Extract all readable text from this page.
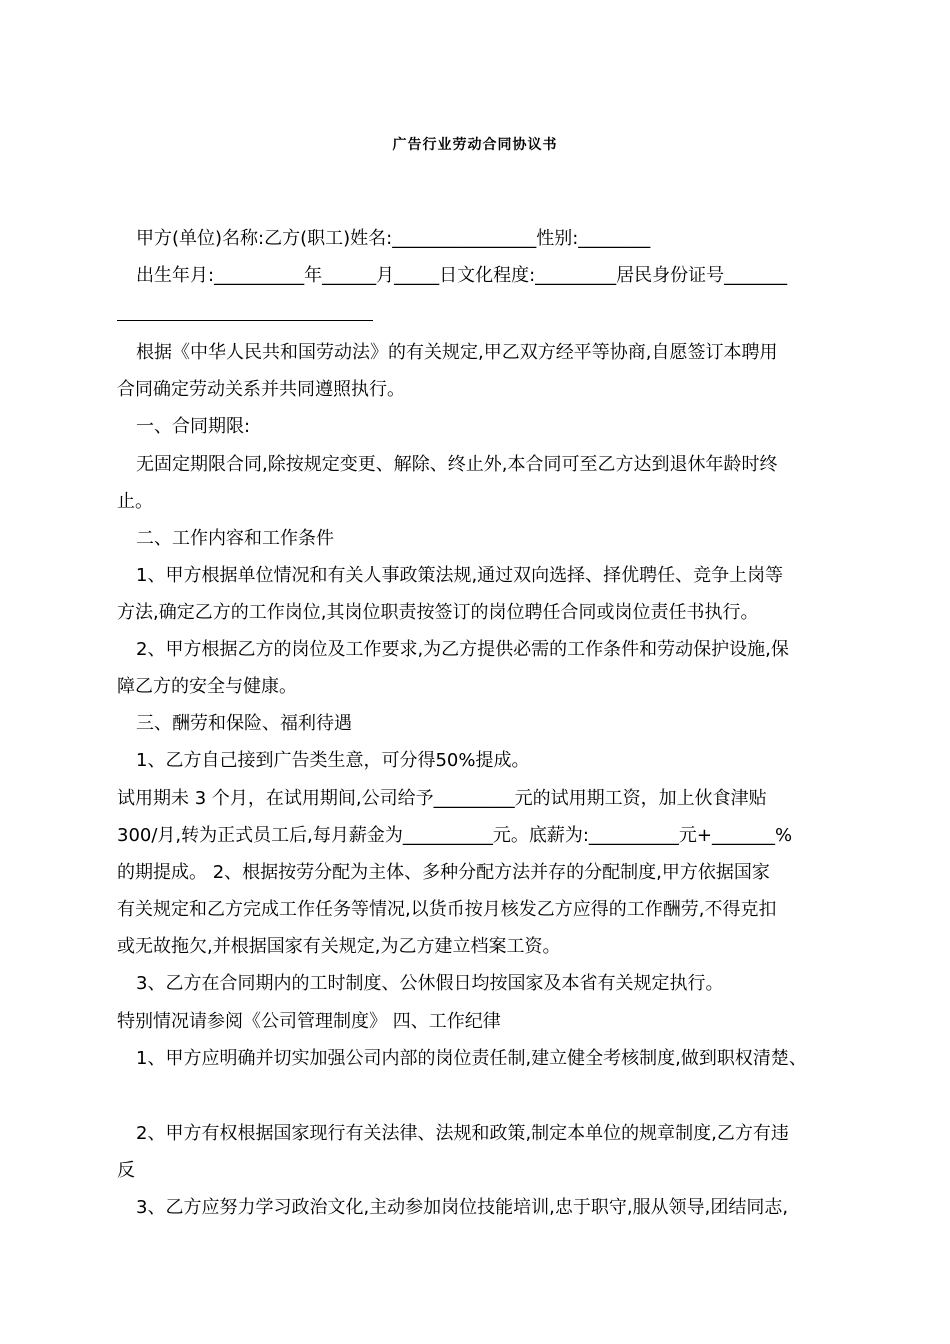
广告行业劳动合同协议书
甲方(单位)名称:乙方(职工)姓名:________________性别:________
出生年月:__________年______月_____日文化程度:_________居民身份证号_______
根据《中华人民共和国劳动法》的有关规定,甲乙双方经平等协商,自愿签订本聘用
合同确定劳动关系并共同遵照执行。
一、合同期限:
无固定期限合同,除按规定变更、解除、终止外,本合同可至乙方达到退休年龄时终
止。
二、工作内容和工作条件
1、甲方根据单位情况和有关人事政策法规,通过双向选择、择优聘任、竞争上岗等
方法,确定乙方的工作岗位,其岗位职责按签订的岗位聘任合同或岗位责任书执行。
2、甲方根据乙方的岗位及工作要求,为乙方提供必需的工作条件和劳动保护设施,保
障乙方的安全与健康。
三、酬劳和保险、福利待遇
1、乙方自己接到广告类生意，可分得50%提成。
试用期未 3 个月，在试用期间,公司给予_________元的试用期工资，加上伙食津贴
300/月,转为正式员工后,每月薪金为__________元。底薪为:__________元+_______%
的期提成。 2、根据按劳分配为主体、多种分配方法并存的分配制度,甲方依据国家
有关规定和乙方完成工作任务等情况,以货币按月核发乙方应得的工作酬劳,不得克扣
或无故拖欠,并根据国家有关规定,为乙方建立档案工资。
3、乙方在合同期内的工时制度、公休假日均按国家及本省有关规定执行。
特别情况请参阅《公司管理制度》 四、工作纪律
1、甲方应明确并切实加强公司内部的岗位责任制,建立健全考核制度,做到职权清楚、
2、甲方有权根据国家现行有关法律、法规和政策,制定本单位的规章制度,乙方有违
反
3、乙方应努力学习政治文化,主动参加岗位技能培训,忠于职守,服从领导,团结同志,
